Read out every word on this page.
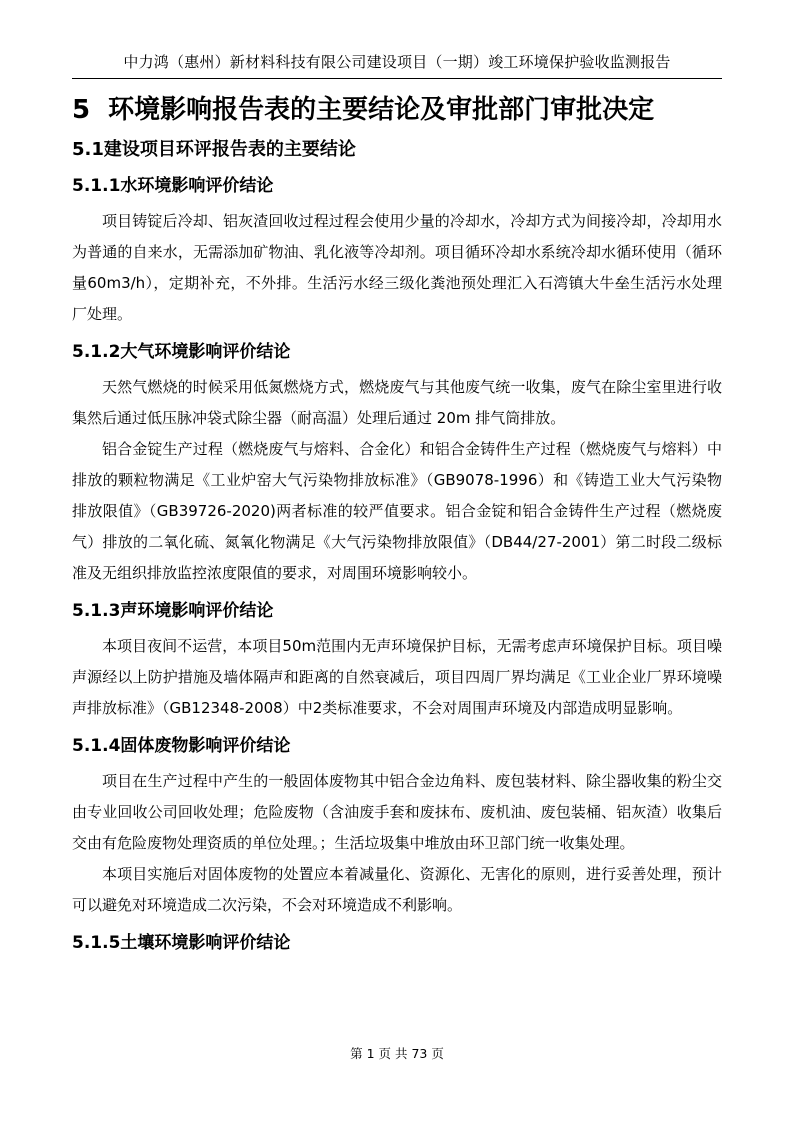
中力鸿（惠州）新材料科技有限公司建设项目（一期）竣工环境保护验收监测报告
5 环境影响报告表的主要结论及审批部门审批决定
5.1建设项目环评报告表的主要结论
5.1.1水环境影响评价结论

项目铸锭后冷却、铝灰渣回收过程过程会使用少量的冷却水，冷却方式为间接冷却，冷却用水为普通的自来水，无需添加矿物油、乳化液等冷却剂。项目循环冷却水系统冷却水循环使用（循环量60m3/h），定期补充，不外排。生活污水经三级化粪池预处理汇入石湾镇大牛垒生活污水处理厂处理。

5.1.2大气环境影响评价结论

天然气燃烧的时候采用低氮燃烧方式，燃烧废气与其他废气统一收集，废气在除尘室里进行收集然后通过低压脉冲袋式除尘器（耐高温）处理后通过 20m 排气筒排放。

铝合金锭生产过程（燃烧废气与熔料、合金化）和铝合金铸件生产过程（燃烧废气与熔料）中排放的颗粒物满足《工业炉窑大气污染物排放标准》（GB9078-1996）和《铸造工业大气污染物排放限值》（GB39726-2020)两者标准的较严值要求。铝合金锭和铝合金铸件生产过程（燃烧废气）排放的二氧化硫、氮氧化物满足《大气污染物排放限值》（DB44/27-2001）第二时段二级标准及无组织排放监控浓度限值的要求，对周围环境影响较小。

5.1.3声环境影响评价结论

本项目夜间不运营，本项目50m范围内无声环境保护目标，无需考虑声环境保护目标。项目噪声源经以上防护措施及墙体隔声和距离的自然衰减后，项目四周厂界均满足《工业企业厂界环境噪声排放标准》（GB12348-2008）中2类标准要求，不会对周围声环境及内部造成明显影响。

5.1.4固体废物影响评价结论

项目在生产过程中产生的一般固体废物其中铝合金边角料、废包装材料、除尘器收集的粉尘交由专业回收公司回收处理；危险废物（含油废手套和废抹布、废机油、废包装桶、铝灰渣）收集后交由有危险废物处理资质的单位处理。；生活垃圾集中堆放由环卫部门统一收集处理。

本项目实施后对固体废物的处置应本着减量化、资源化、无害化的原则，进行妥善处理，预计可以避免对环境造成二次污染，不会对环境造成不利影响。

5.1.5土壤环境影响评价结论
第 1 页 共 73 页
